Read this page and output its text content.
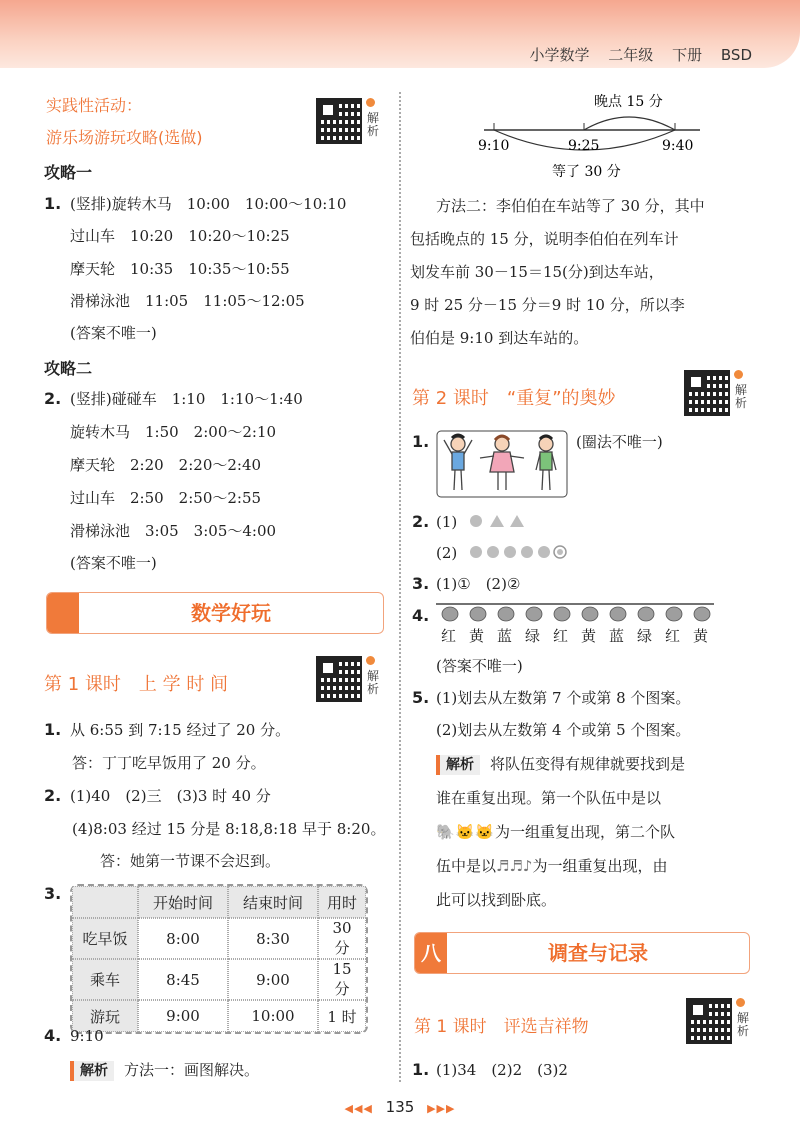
小学数学 二年级 下册 BSD
实践性活动：
游乐场游玩攻略(选做)
解析
攻略一
1. (竖排)旋转木马　10:00　10:00～10:10
过山车　10:20　10:20～10:25
摩天轮　10:35　10:35～10:55
滑梯泳池　11:05　11:05～12:05
(答案不唯一)
攻略二
2. (竖排)碰碰车　1:10　1:10～1:40
旋转木马　1:50　2:00～2:10
摩天轮　2:20　2:20～2:40
过山车　2:50　2:50～2:55
滑梯泳池　3:05　3:05～4:00
(答案不唯一)
数学好玩
第 1 课时　上 学 时 间	解析
1. 从 6:55 到 7:15 经过了 20 分。
答：丁丁吃早饭用了 20 分。
2. (1)40　(2)三　(3)3 时 40 分
(4)8:03 经过 15 分是 8:18,8:18 早于 8:20。
答：她第一节课不会迟到。
3.
		开始时间	结束时间	用时
吃早饭	8:00	8:30	30 分
乘车	8:45	9:00	15 分
游玩	9:00	10:00	1 时
4. 9:10
解析 方法一：画图解决。
晚点 15 分
9:10	9:25	9:40
等了 30 分
方法二：李伯伯在车站等了 30 分，其中
包括晚点的 15 分，说明李伯伯在列车计
划发车前 30－15＝15(分)到达车站，
9 时 25 分－15 分＝9 时 10 分，所以李
伯伯是 9:10 到达车站的。
第 2 课时　“重复”的奥妙	解析
1.	(圈法不唯一)
2. (1)
(2)
3. (1)①　(2)②
4.
红 黄 蓝 绿 红 黄 蓝 绿 红 黄
(答案不唯一)
5. (1)划去从左数第 7 个或第 8 个图案。
(2)划去从左数第 4 个或第 5 个图案。
解析 将队伍变得有规律就要找到是
谁在重复出现。第一个队伍中是以
🐘🐱🐱为一组重复出现，第二个队
伍中是以♬♬♪为一组重复出现，由
此可以找到卧底。
八	调查与记录
第 1 课时　评选吉祥物	解析
1. (1)34　(2)2　(3)2
◀◀◀ 135 ▶▶▶
